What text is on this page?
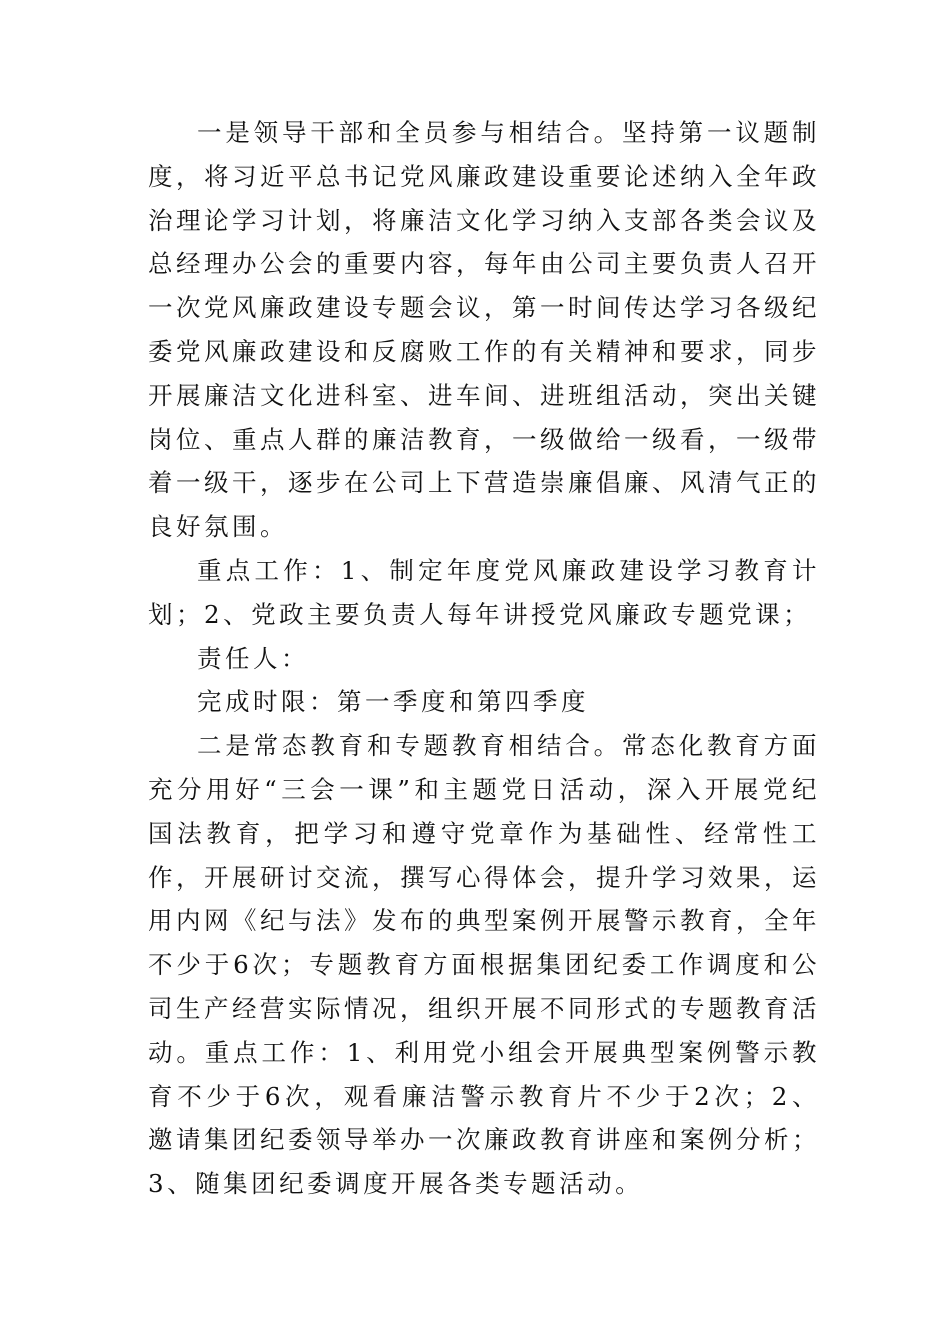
一是领导干部和全员参与相结合。坚持第一议题制度，将习近平总书记党风廉政建设重要论述纳入全年政治理论学习计划，将廉洁文化学习纳入支部各类会议及总经理办公会的重要内容，每年由公司主要负责人召开一次党风廉政建设专题会议，第一时间传达学习各级纪委党风廉政建设和反腐败工作的有关精神和要求，同步开展廉洁文化进科室、进车间、进班组活动，突出关键岗位、重点人群的廉洁教育，一级做给一级看，一级带着一级干，逐步在公司上下营造崇廉倡廉、风清气正的良好氛围。

重点工作：1、制定年度党风廉政建设学习教育计划；2、党政主要负责人每年讲授党风廉政专题党课；

责任人：

完成时限：第一季度和第四季度

二是常态教育和专题教育相结合。常态化教育方面充分用好“三会一课”和主题党日活动，深入开展党纪国法教育，把学习和遵守党章作为基础性、经常性工作，开展研讨交流，撰写心得体会，提升学习效果，运用内网《纪与法》发布的典型案例开展警示教育，全年不少于6次；专题教育方面根据集团纪委工作调度和公司生产经营实际情况，组织开展不同形式的专题教育活动。重点工作：1、利用党小组会开展典型案例警示教育不少于6次，观看廉洁警示教育片不少于2次；2、邀请集团纪委领导举办一次廉政教育讲座和案例分析；3、随集团纪委调度开展各类专题活动。
